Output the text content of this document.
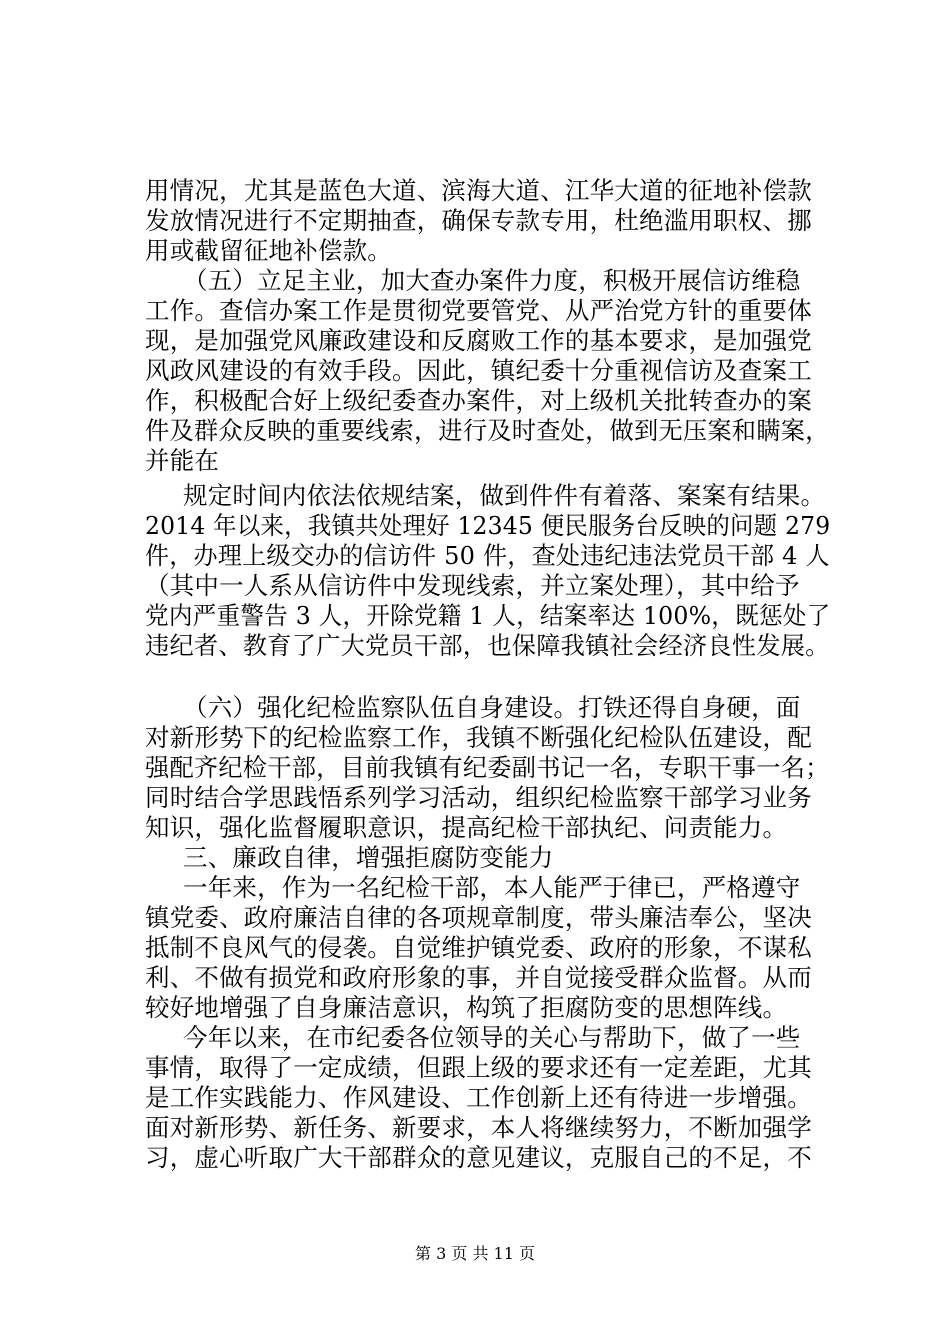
用情况，尤其是蓝色大道、滨海大道、江华大道的征地补偿款
发放情况进行不定期抽查，确保专款专用，杜绝滥用职权、挪
用或截留征地补偿款。
（五）立足主业，加大查办案件力度，积极开展信访维稳
工作。查信办案工作是贯彻党要管党、从严治党方针的重要体
现，是加强党风廉政建设和反腐败工作的基本要求，是加强党
风政风建设的有效手段。因此，镇纪委十分重视信访及查案工
作，积极配合好上级纪委查办案件，对上级机关批转查办的案
件及群众反映的重要线索，进行及时查处，做到无压案和瞒案，
并能在
规定时间内依法依规结案，做到件件有着落、案案有结果。
2014 年以来，我镇共处理好 12345 便民服务台反映的问题 279
件，办理上级交办的信访件 50 件，查处违纪违法党员干部 4 人
（其中一人系从信访件中发现线索，并立案处理），其中给予
党内严重警告 3 人，开除党籍 1 人，结案率达 100%，既惩处了
违纪者、教育了广大党员干部，也保障我镇社会经济良性发展。
（六）强化纪检监察队伍自身建设。打铁还得自身硬，面
对新形势下的纪检监察工作，我镇不断强化纪检队伍建设，配
强配齐纪检干部，目前我镇有纪委副书记一名，专职干事一名；
同时结合学思践悟系列学习活动，组织纪检监察干部学习业务
知识，强化监督履职意识，提高纪检干部执纪、问责能力。
三、廉政自律，增强拒腐防变能力
一年来，作为一名纪检干部，本人能严于律已，严格遵守
镇党委、政府廉洁自律的各项规章制度，带头廉洁奉公，坚决
抵制不良风气的侵袭。自觉维护镇党委、政府的形象，不谋私
利、不做有损党和政府形象的事，并自觉接受群众监督。从而
较好地增强了自身廉洁意识，构筑了拒腐防变的思想阵线。
今年以来，在市纪委各位领导的关心与帮助下，做了一些
事情，取得了一定成绩，但跟上级的要求还有一定差距，尤其
是工作实践能力、作风建设、工作创新上还有待进一步增强。
面对新形势、新任务、新要求，本人将继续努力，不断加强学
习，虚心听取广大干部群众的意见建议，克服自己的不足，不
第 3 页 共 11 页
